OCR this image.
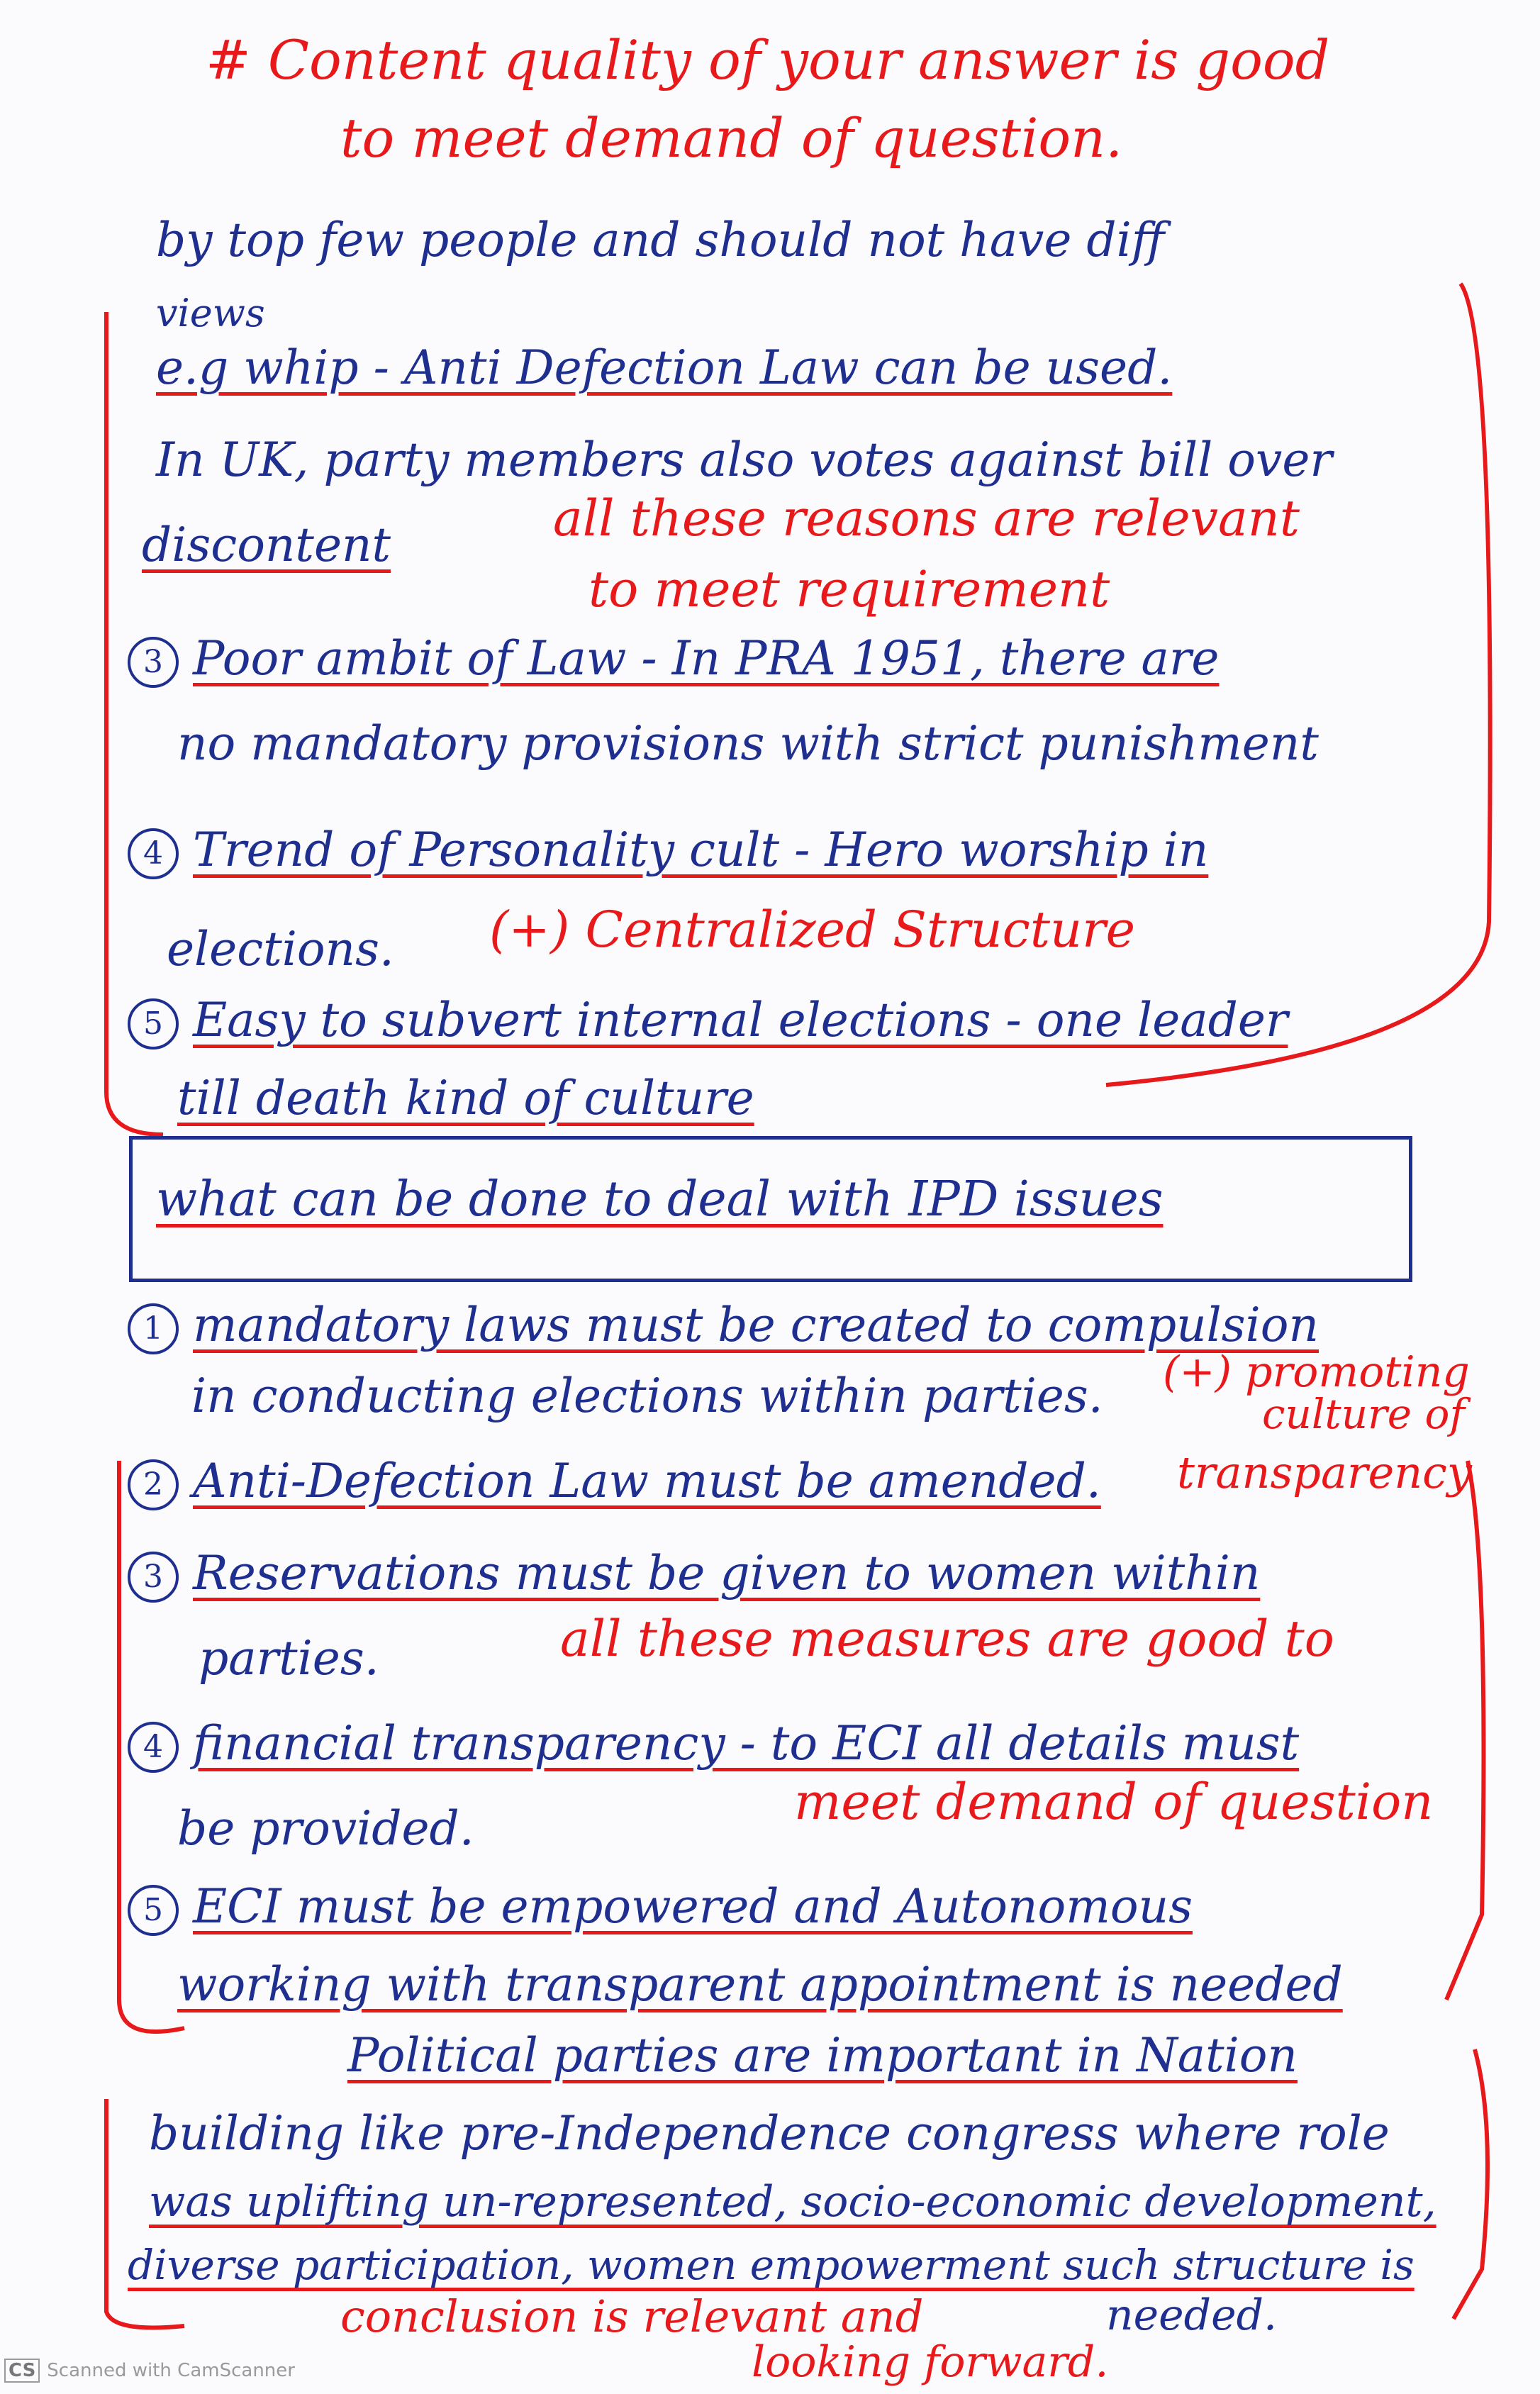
# Content quality of your answer is good
to meet demand of question.
by top few people and should not have diff
views
e.g whip - Anti Defection Law can be used.
In UK, party members also votes against bill over
discontent	all these reasons are relevant
to meet requirement
3 Poor ambit of Law - In PRA 1951, there are
no mandatory provisions with strict punishment
4 Trend of Personality cult - Hero worship in
elections. (+) Centralized Structure
5 Easy to subvert internal elections - one leader
till death kind of culture
what can be done to deal with IPD issues
1 mandatory laws must be created to compulsion
in conducting elections within parties. (+) promoting
culture of
transparency
2 Anti-Defection Law must be amended.
3 Reservations must be given to women within
parties.	all these measures are good to
4 financial transparency - to ECI all details must
be provided.	meet demand of question
5 ECI must be empowered and Autonomous
working with transparent appointment is needed
Political parties are important in Nation
building like pre-Independence congress where role
was uplifting un-represented, socio-economic development,
diverse participation, women empowerment such structure is
needed.
conclusion is relevant and
looking forward.
CS Scanned with CamScanner
